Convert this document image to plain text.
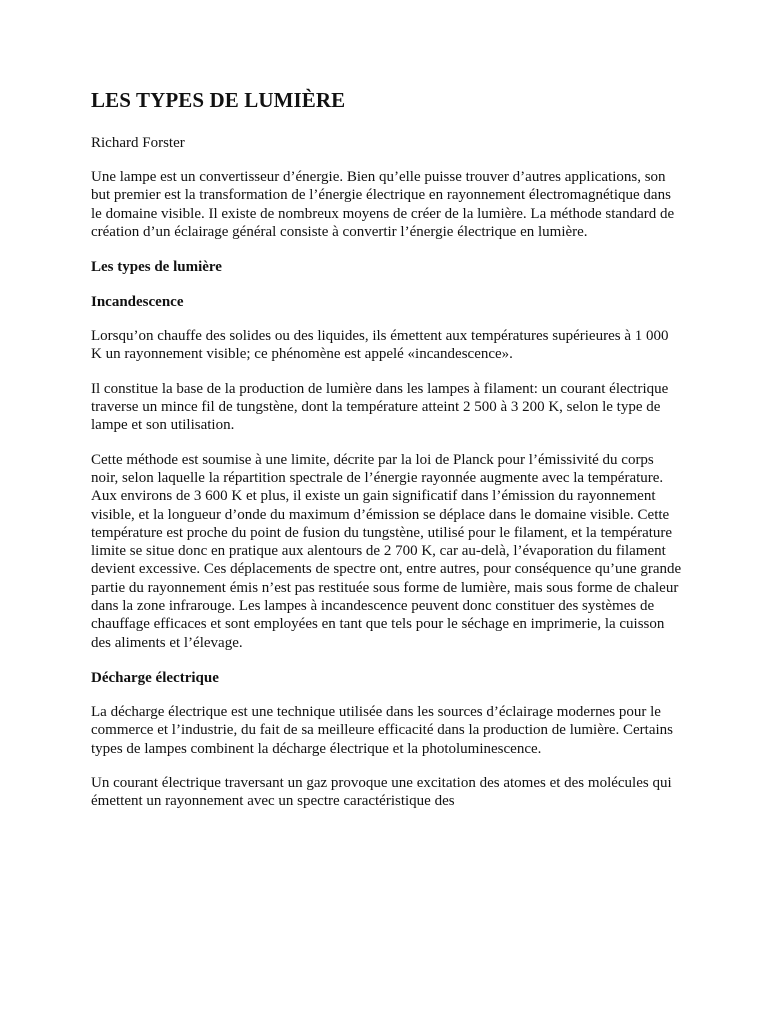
LES TYPES DE LUMIÈRE

Richard Forster

Une lampe est un convertisseur d’énergie. Bien qu’elle puisse trouver d’autres applications, son but premier est la transformation de l’énergie électrique en rayonnement électromagnétique dans le domaine visible. Il existe de nombreux moyens de créer de la lumière. La méthode standard de création d’un éclairage général consiste à convertir l’énergie électrique en lumière.

Les types de lumière
Incandescence

Lorsqu’on chauffe des solides ou des liquides, ils émettent aux températures supérieures à 1 000 K un rayonnement visible; ce phénomène est appelé «incandescence».

Il constitue la base de la production de lumière dans les lampes à filament: un courant électrique traverse un mince fil de tungstène, dont la température atteint 2 500 à 3 200 K, selon le type de lampe et son utilisation.

Cette méthode est soumise à une limite, décrite par la loi de Planck pour l’émissivité du corps noir, selon laquelle la répartition spectrale de l’énergie rayonnée augmente avec la température. Aux environs de 3 600 K et plus, il existe un gain significatif dans l’émission du rayonnement visible, et la longueur d’onde du maximum d’émission se déplace dans le domaine visible. Cette température est proche du point de fusion du tungstène, utilisé pour le filament, et la température limite se situe donc en pratique aux alentours de 2 700 K, car au-delà, l’évaporation du filament devient excessive. Ces déplacements de spectre ont, entre autres, pour conséquence qu’une grande partie du rayonnement émis n’est pas restituée sous forme de lumière, mais sous forme de chaleur dans la zone infrarouge. Les lampes à incandescence peuvent donc constituer des systèmes de chauffage efficaces et sont employées en tant que tels pour le séchage en imprimerie, la cuisson des aliments et l’élevage.

Décharge électrique

La décharge électrique est une technique utilisée dans les sources d’éclairage modernes pour le commerce et l’industrie, du fait de sa meilleure efficacité dans la production de lumière. Certains types de lampes combinent la décharge électrique et la photoluminescence.

Un courant électrique traversant un gaz provoque une excitation des atomes et des molécules qui émettent un rayonnement avec un spectre caractéristique des
